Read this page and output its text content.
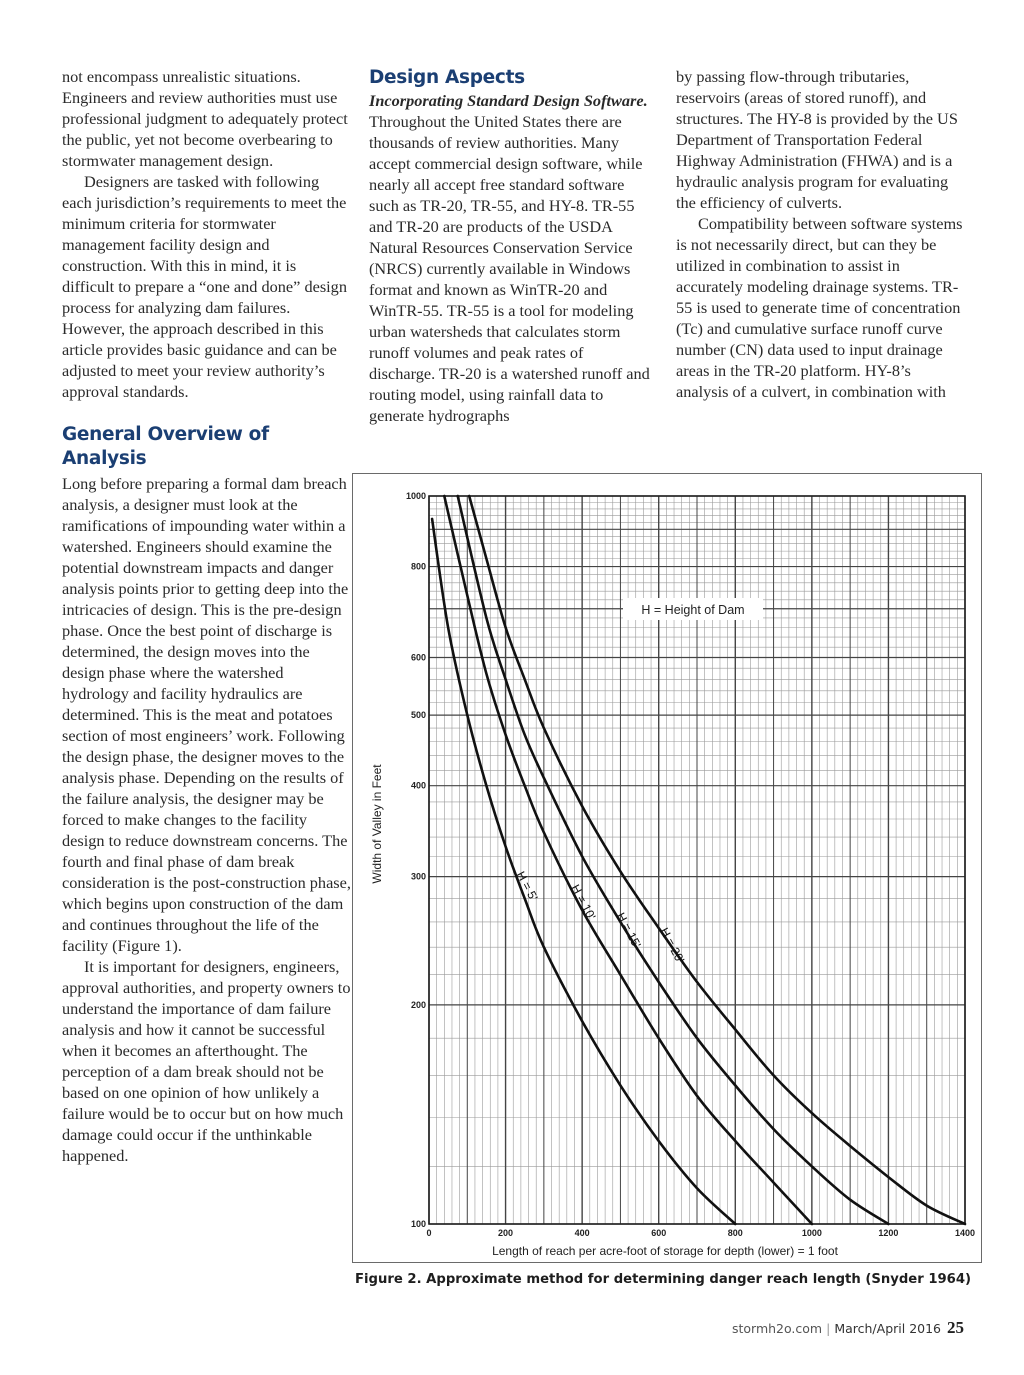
not encompass unrealistic situations. Engineers and review authorities must use professional judgment to adequately protect the public, yet not become overbearing to stormwater management design.

Designers are tasked with following each jurisdiction’s requirements to meet the minimum criteria for stormwater management facility design and construction. With this in mind, it is difficult to prepare a “one and done” design process for analyzing dam failures. However, the approach described in this article provides basic guidance and can be adjusted to meet your review authority’s approval standards.

General Overview of Analysis

Long before preparing a formal dam breach analysis, a designer must look at the ramifications of impounding water within a watershed. Engineers should examine the potential downstream impacts and danger analysis points prior to getting deep into the intricacies of design. This is the pre-design phase. Once the best point of discharge is determined, the design moves into the design phase where the watershed hydrology and facility hydraulics are determined. This is the meat and potatoes section of most engineers’ work. Following the design phase, the designer moves to the analysis phase. Depending on the results of the failure analysis, the designer may be forced to make changes to the facility design to reduce downstream concerns. The fourth and final phase of dam break consideration is the post-construction phase, which begins upon construction of the dam and continues throughout the life of the facility (Figure 1).

It is important for designers, engineers, approval authorities, and property owners to understand the importance of dam failure analysis and how it cannot be successful when it becomes an afterthought. The perception of a dam break should not be based on one opinion of how unlikely a failure would be to occur but on how much damage could occur if the unthinkable happened.

Design Aspects

Incorporating Standard Design Software. Throughout the United States there are thousands of review authorities. Many accept commercial design software, while nearly all accept free standard software such as TR-20, TR-55, and HY-8. TR-55 and TR-20 are products of the USDA Natural Resources Conservation Service (NRCS) currently available in Windows format and known as WinTR-20 and WinTR-55. TR-55 is a tool for modeling urban watersheds that calculates storm runoff volumes and peak rates of discharge. TR-20 is a watershed runoff and routing model, using rainfall data to generate hydrographs

by passing flow-through tributaries, reservoirs (areas of stored runoff), and structures. The HY-8 is provided by the US Department of Transportation Federal Highway Administration (FHWA) and is a hydraulic analysis program for evaluating the efficiency of culverts.

Compatibility between software systems is not necessarily direct, but can they be utilized in combination to assist in accurately modeling drainage systems. TR-55 is used to generate time of concentration (Tc) and cumulative surface runoff curve number (CN) data used to input drainage areas in the TR-20 platform. HY-8’s analysis of a culvert, in combination with

0	200	400	600	800	1000	1200	1400
100
200
300
400
500
600
800
1000
H = 5' H = 10'
H = 15' H = 20'
H = Height of Dam
Length of reach per acre-foot of storage for depth (lower) = 1 foot
Width of Valley in Feet
Figure 2. Approximate method for determining danger reach length (Snyder 1964)
stormh2o.com | March/April 2016 25
